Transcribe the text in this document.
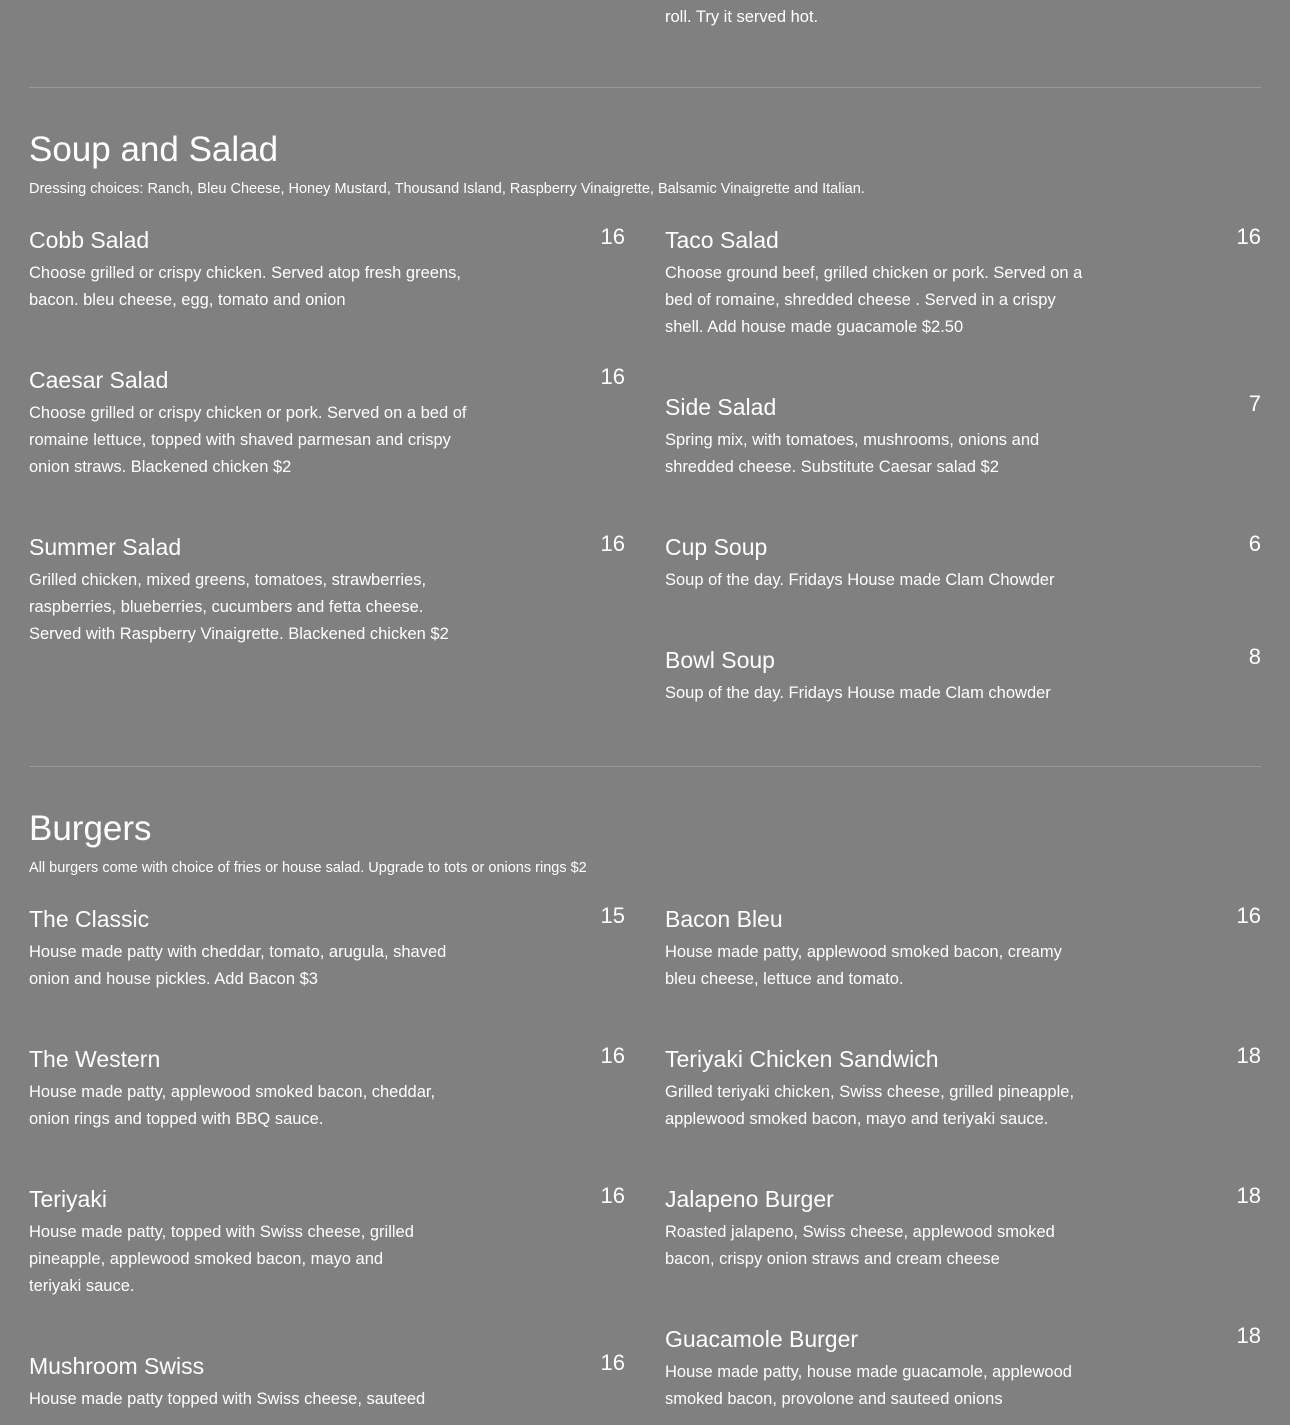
roll. Try it served hot.
Soup and Salad
Dressing choices: Ranch, Bleu Cheese, Honey Mustard, Thousand Island, Raspberry Vinaigrette, Balsamic Vinaigrette and Italian.
Cobb Salad	16
Choose grilled or crispy chicken. Served atop fresh greens, bacon. bleu cheese, egg, tomato and onion
Taco Salad	16
Choose ground beef, grilled chicken or pork. Served on a bed of romaine, shredded cheese . Served in a crispy shell. Add house made guacamole $2.50
Caesar Salad	16
Choose grilled or crispy chicken or pork. Served on a bed of romaine lettuce, topped with shaved parmesan and crispy onion straws. Blackened chicken $2
Side Salad	7
Spring mix, with tomatoes, mushrooms, onions and shredded cheese. Substitute Caesar salad $2
Summer Salad	16
Grilled chicken, mixed greens, tomatoes, strawberries, raspberries, blueberries, cucumbers and fetta cheese. Served with Raspberry Vinaigrette. Blackened chicken $2
Cup Soup	6
Soup of the day. Fridays House made Clam Chowder
Bowl Soup	8
Soup of the day. Fridays House made Clam chowder
Burgers
All burgers come with choice of fries or house salad. Upgrade to tots or onions rings $2
The Classic	15
House made patty with cheddar, tomato, arugula, shaved onion and house pickles. Add Bacon $3
Bacon Bleu	16
House made patty, applewood smoked bacon, creamy bleu cheese, lettuce and tomato.
The Western	16
House made patty, applewood smoked bacon, cheddar, onion rings and topped with BBQ sauce.
Teriyaki Chicken Sandwich	18
Grilled teriyaki chicken, Swiss cheese, grilled pineapple, applewood smoked bacon, mayo and teriyaki sauce.
Teriyaki	16
House made patty, topped with Swiss cheese, grilled pineapple, applewood smoked bacon, mayo and teriyaki sauce.
Jalapeno Burger	18
Roasted jalapeno, Swiss cheese, applewood smoked bacon, crispy onion straws and cream cheese
Mushroom Swiss	16
House made patty topped with Swiss cheese, sauteed
Guacamole Burger	18
House made patty, house made guacamole, applewood smoked bacon, provolone and sauteed onions
